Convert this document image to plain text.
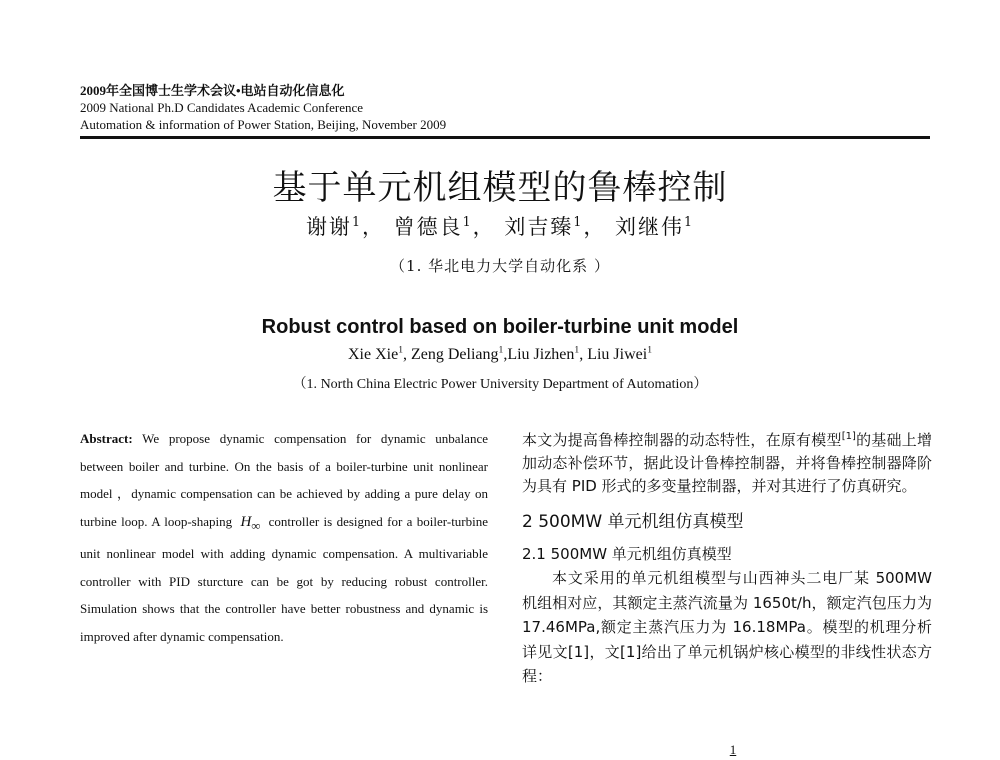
2009年全国博士生学术会议•电站自动化信息化
2009 National Ph.D Candidates Academic Conference
Automation & information of Power Station, Beijing, November 2009
基于单元机组模型的鲁棒控制
谢谢$^1$， 曾德良$^1$， 刘吉臻$^1$， 刘继伟$^1$
（1. 华北电力大学自动化系 ）
Robust control based on boiler-turbine unit model
Xie Xie$^1$, Zeng Deliang$^1$,Liu Jizhen$^1$, Liu Jiwei$^1$
（1. North China Electric Power University Department of Automation）
Abstract: We propose dynamic compensation for dynamic unbalance between boiler and turbine. On the basis of a boiler-turbine unit nonlinear model ，dynamic compensation can be achieved by adding a pure delay on turbine loop. A loop-shaping $H_\infty$ controller is designed for a boiler-turbine unit nonlinear model with adding dynamic compensation. A multivariable controller with PID sturcture can be got by reducing robust controller. Simulation shows that the controller have better robustness and dynamic is improved after dynamic compensation.

本文为提高鲁棒控制器的动态特性，在原有模型[1]的基础上增加动态补偿环节，据此设计鲁棒控制器，并将鲁棒控制器降阶为具有 PID 形式的多变量控制器，并对其进行了仿真研究。

2 500MW 单元机组仿真模型

2.1 500MW 单元机组仿真模型

本文采用的单元机组模型与山西神头二电厂某 500MW 机组相对应，其额定主蒸汽流量为 1650t/h，额定汽包压力为 17.46MPa,额定主蒸汽压力为 16.18MPa。模型的机理分析详见文[1]，文[1]给出了单元机锅炉核心模型的非线性状态方程：

1
